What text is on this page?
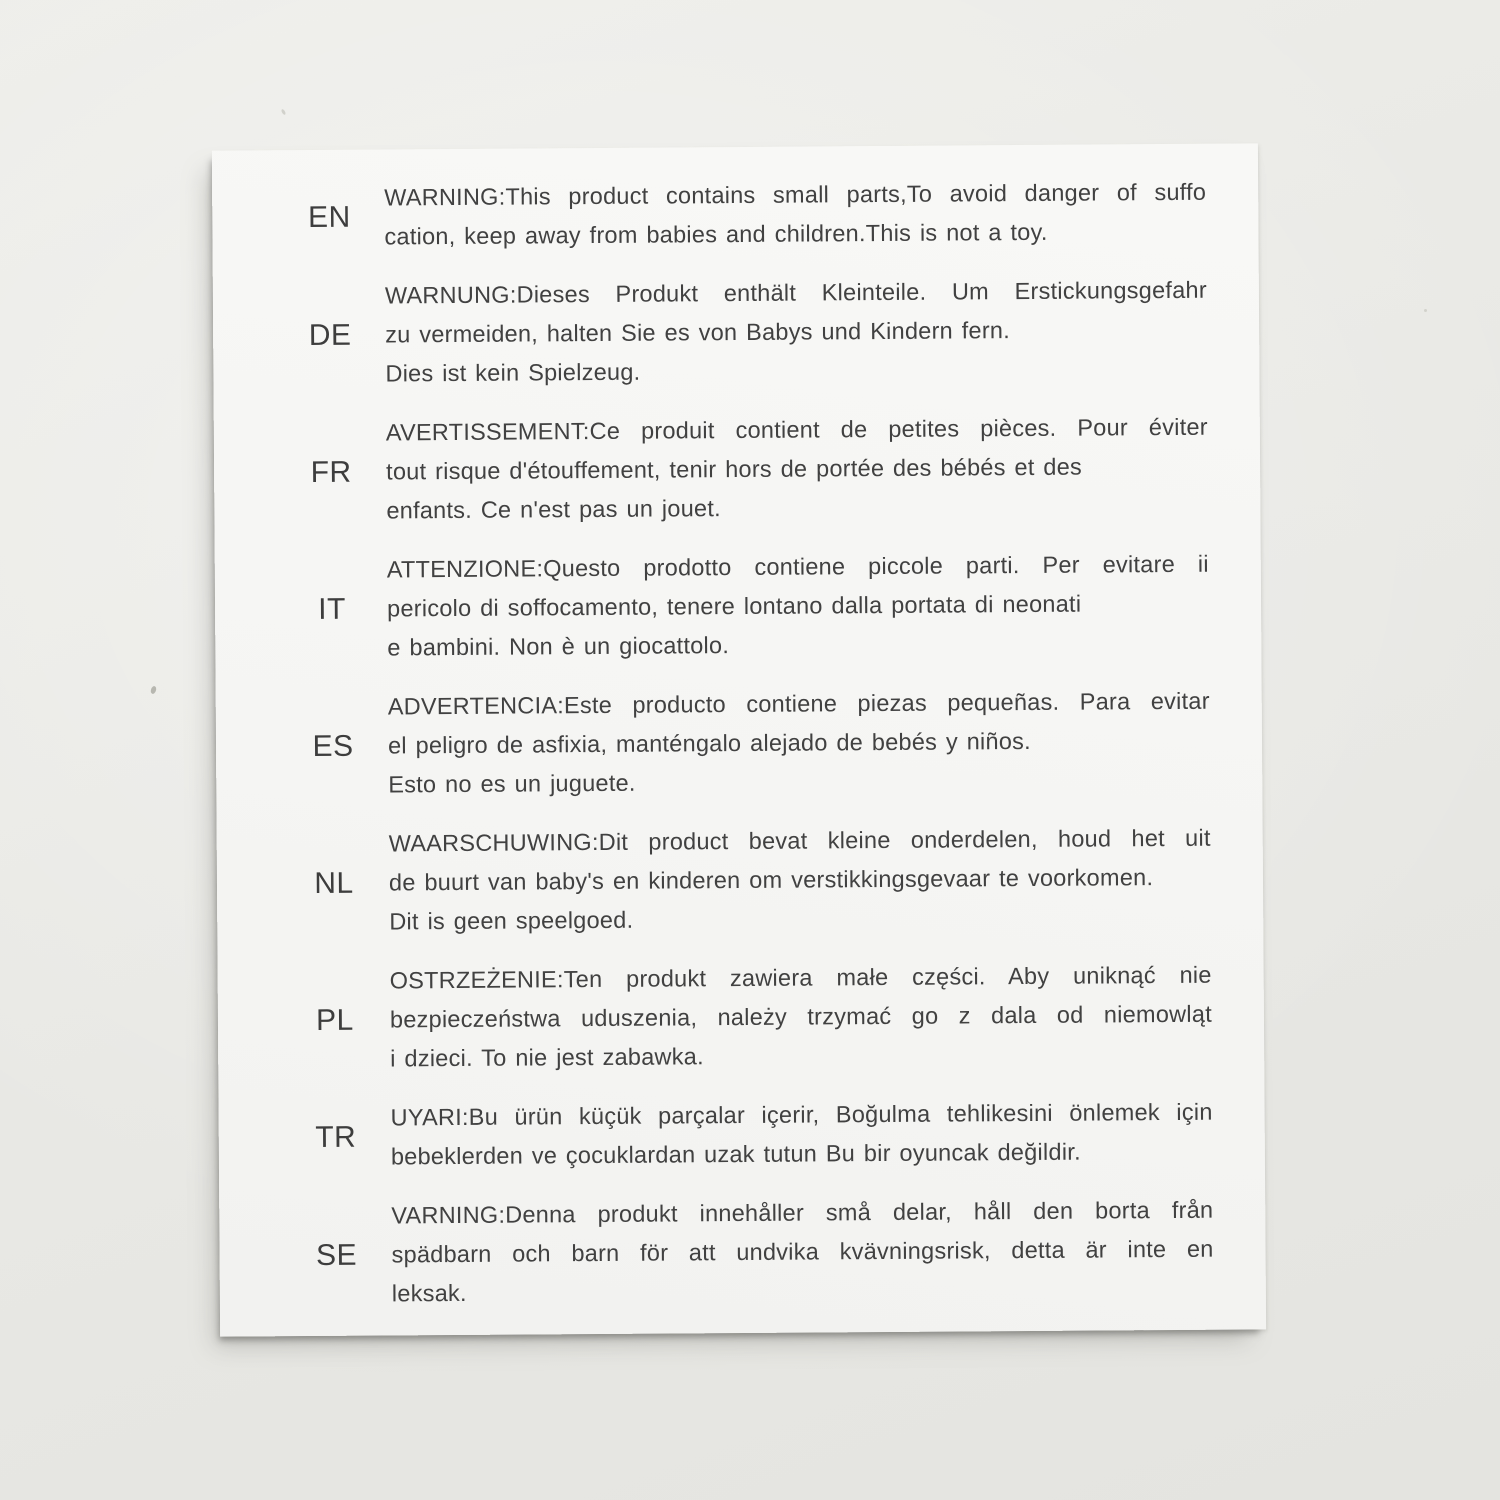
EN
WARNING:This product contains small parts,To avoid danger of suffo
cation, keep away from babies and children.This is not a toy.
DE
WARNUNG:Dieses Produkt enthält Kleinteile. Um Erstickungsgefahr
zu vermeiden, halten Sie es von Babys und Kindern fern.
Dies ist kein Spielzeug.
FR
AVERTISSEMENT:Ce produit contient de petites pièces. Pour éviter
tout risque d'étouffement, tenir hors de portée des bébés et des
enfants. Ce n'est pas un jouet.
IT
ATTENZIONE:Questo prodotto contiene piccole parti. Per evitare ii
pericolo di soffocamento, tenere lontano dalla portata di neonati
e bambini. Non è un giocattolo.
ES
ADVERTENCIA:Este producto contiene piezas pequeñas. Para evitar
el peligro de asfixia, manténgalo alejado de bebés y niños.
Esto no es un juguete.
NL
WAARSCHUWING:Dit product bevat kleine onderdelen, houd het uit
de buurt van baby's en kinderen om verstikkingsgevaar te voorkomen.
Dit is geen speelgoed.
PL
OSTRZEŻENIE:Ten produkt zawiera małe części. Aby uniknąć nie
bezpieczeństwa uduszenia, należy trzymać go z dala od niemowląt
i dzieci. To nie jest zabawka.
TR
UYARI:Bu ürün küçük parçalar içerir, Boğulma tehlikesini önlemek için
bebeklerden ve çocuklardan uzak tutun Bu bir oyuncak değildir.
SE
VARNING:Denna produkt innehåller små delar, håll den borta från
spädbarn och barn för att undvika kvävningsrisk, detta är inte en
leksak.
